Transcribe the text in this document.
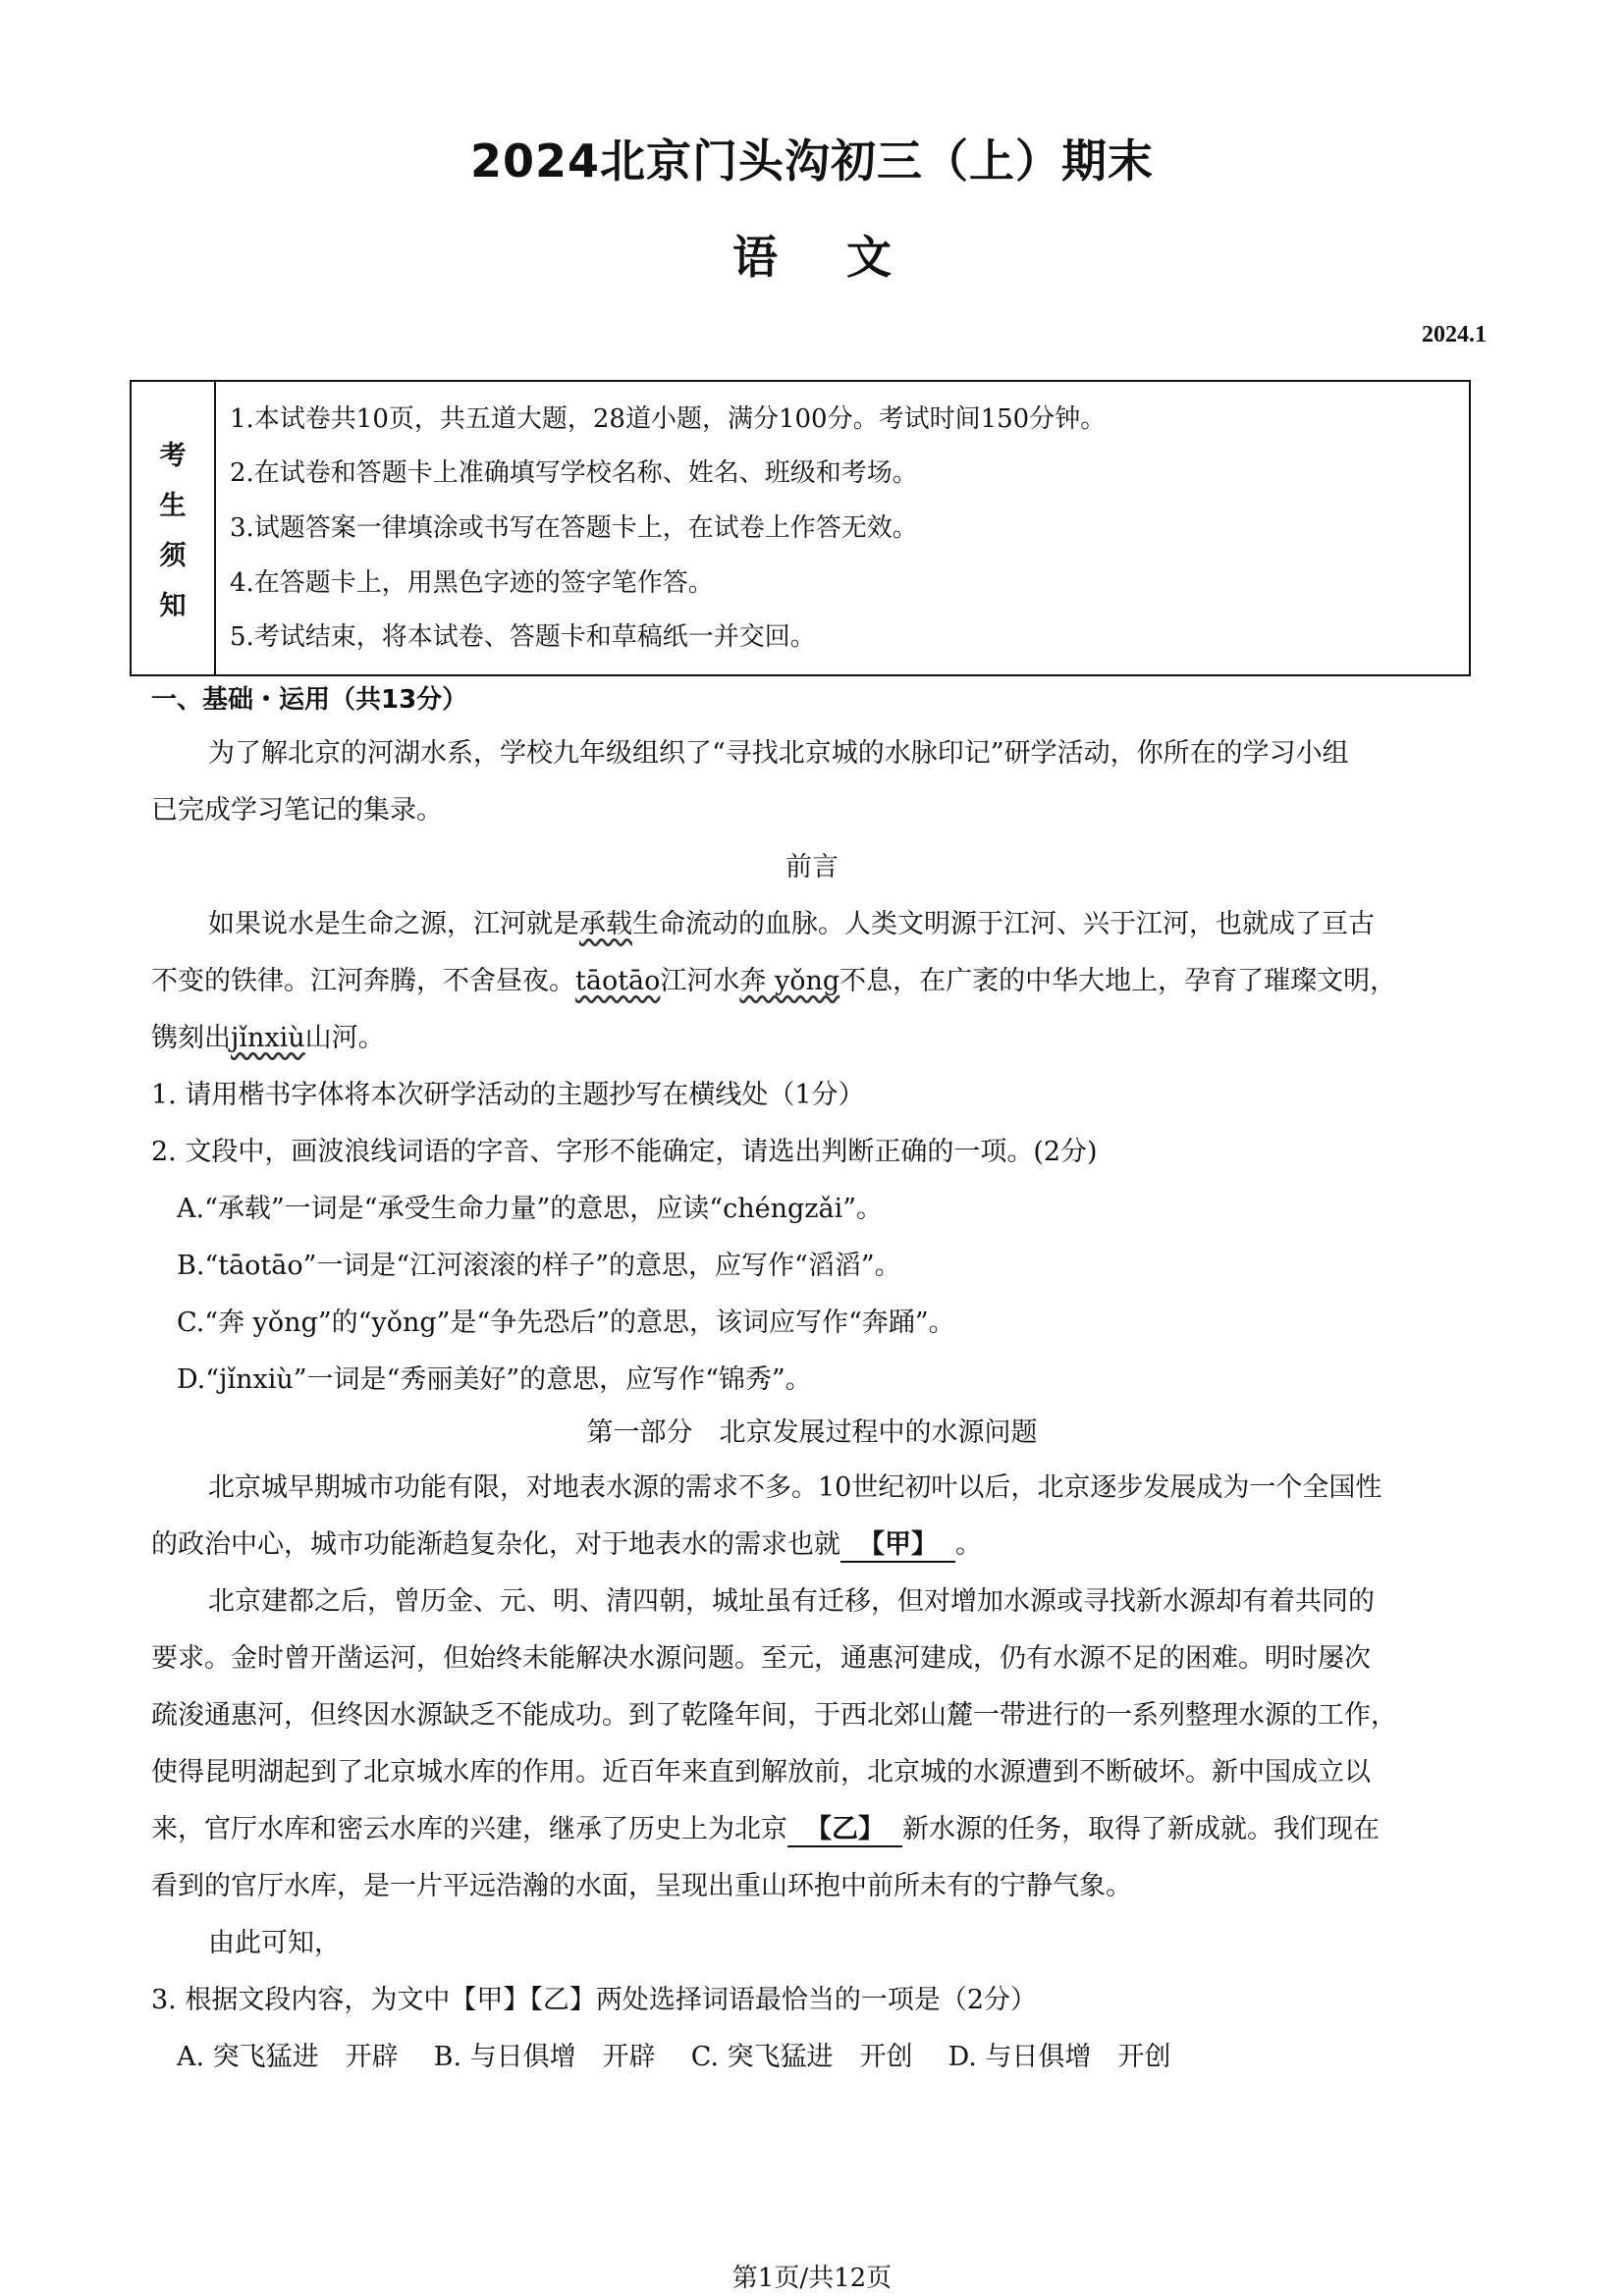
2024北京门头沟初三（上）期末
语文
2024.1
考
生
须
知
1.本试卷共10页，共五道大题，28道小题，满分100分。考试时间150分钟。
2.在试卷和答题卡上准确填写学校名称、姓名、班级和考场。
3.试题答案一律填涂或书写在答题卡上，在试卷上作答无效。
4.在答题卡上，用黑色字迹的签字笔作答。
5.考试结束，将本试卷、答题卡和草稿纸一并交回。
一、基础・运用（共13分）
为了解北京的河湖水系，学校九年级组织了“寻找北京城的水脉印记”研学活动，你所在的学习小组
已完成学习笔记的集录。
前言
如果说水是生命之源，江河就是承载生命流动的血脉。人类文明源于江河、兴于江河，也就成了亘古
不变的铁律。江河奔腾，不舍昼夜。tāotāo江河水奔 yǒng不息，在广袤的中华大地上，孕育了璀璨文明，
镌刻出jǐnxiù山河。
1. 请用楷书字体将本次研学活动的主题抄写在横线处（1分）
2. 文段中，画波浪线词语的字音、字形不能确定，请选出判断正确的一项。(2分)
A.“承载”一词是“承受生命力量”的意思，应读“chéngzǎi”。
B.“tāotāo”一词是“江河滚滚的样子”的意思，应写作“滔滔”。
C.“奔 yǒng”的“yǒng”是“争先恐后”的意思，该词应写作“奔踊”。
D.“jǐnxiù”一词是“秀丽美好”的意思，应写作“锦秀”。
第一部分　北京发展过程中的水源问题
北京城早期城市功能有限，对地表水源的需求不多。10世纪初叶以后，北京逐步发展成为一个全国性
的政治中心，城市功能渐趋复杂化，对于地表水的需求也就 【甲】 。
北京建都之后，曾历金、元、明、清四朝，城址虽有迁移，但对增加水源或寻找新水源却有着共同的
要求。金时曾开凿运河，但始终未能解决水源问题。至元，通惠河建成，仍有水源不足的困难。明时屡次
疏浚通惠河，但终因水源缺乏不能成功。到了乾隆年间，于西北郊山麓一带进行的一系列整理水源的工作，
使得昆明湖起到了北京城水库的作用。近百年来直到解放前，北京城的水源遭到不断破坏。新中国成立以
来，官厅水库和密云水库的兴建，继承了历史上为北京 【乙】 新水源的任务，取得了新成就。我们现在
看到的官厅水库，是一片平远浩瀚的水面，呈现出重山环抱中前所未有的宁静气象。
由此可知，
3. 根据文段内容，为文中【甲】【乙】两处选择词语最恰当的一项是（2分）
A. 突飞猛进　开辟 B. 与日俱增　开辟 C. 突飞猛进　开创 D. 与日俱增　开创
第1页/共12页
